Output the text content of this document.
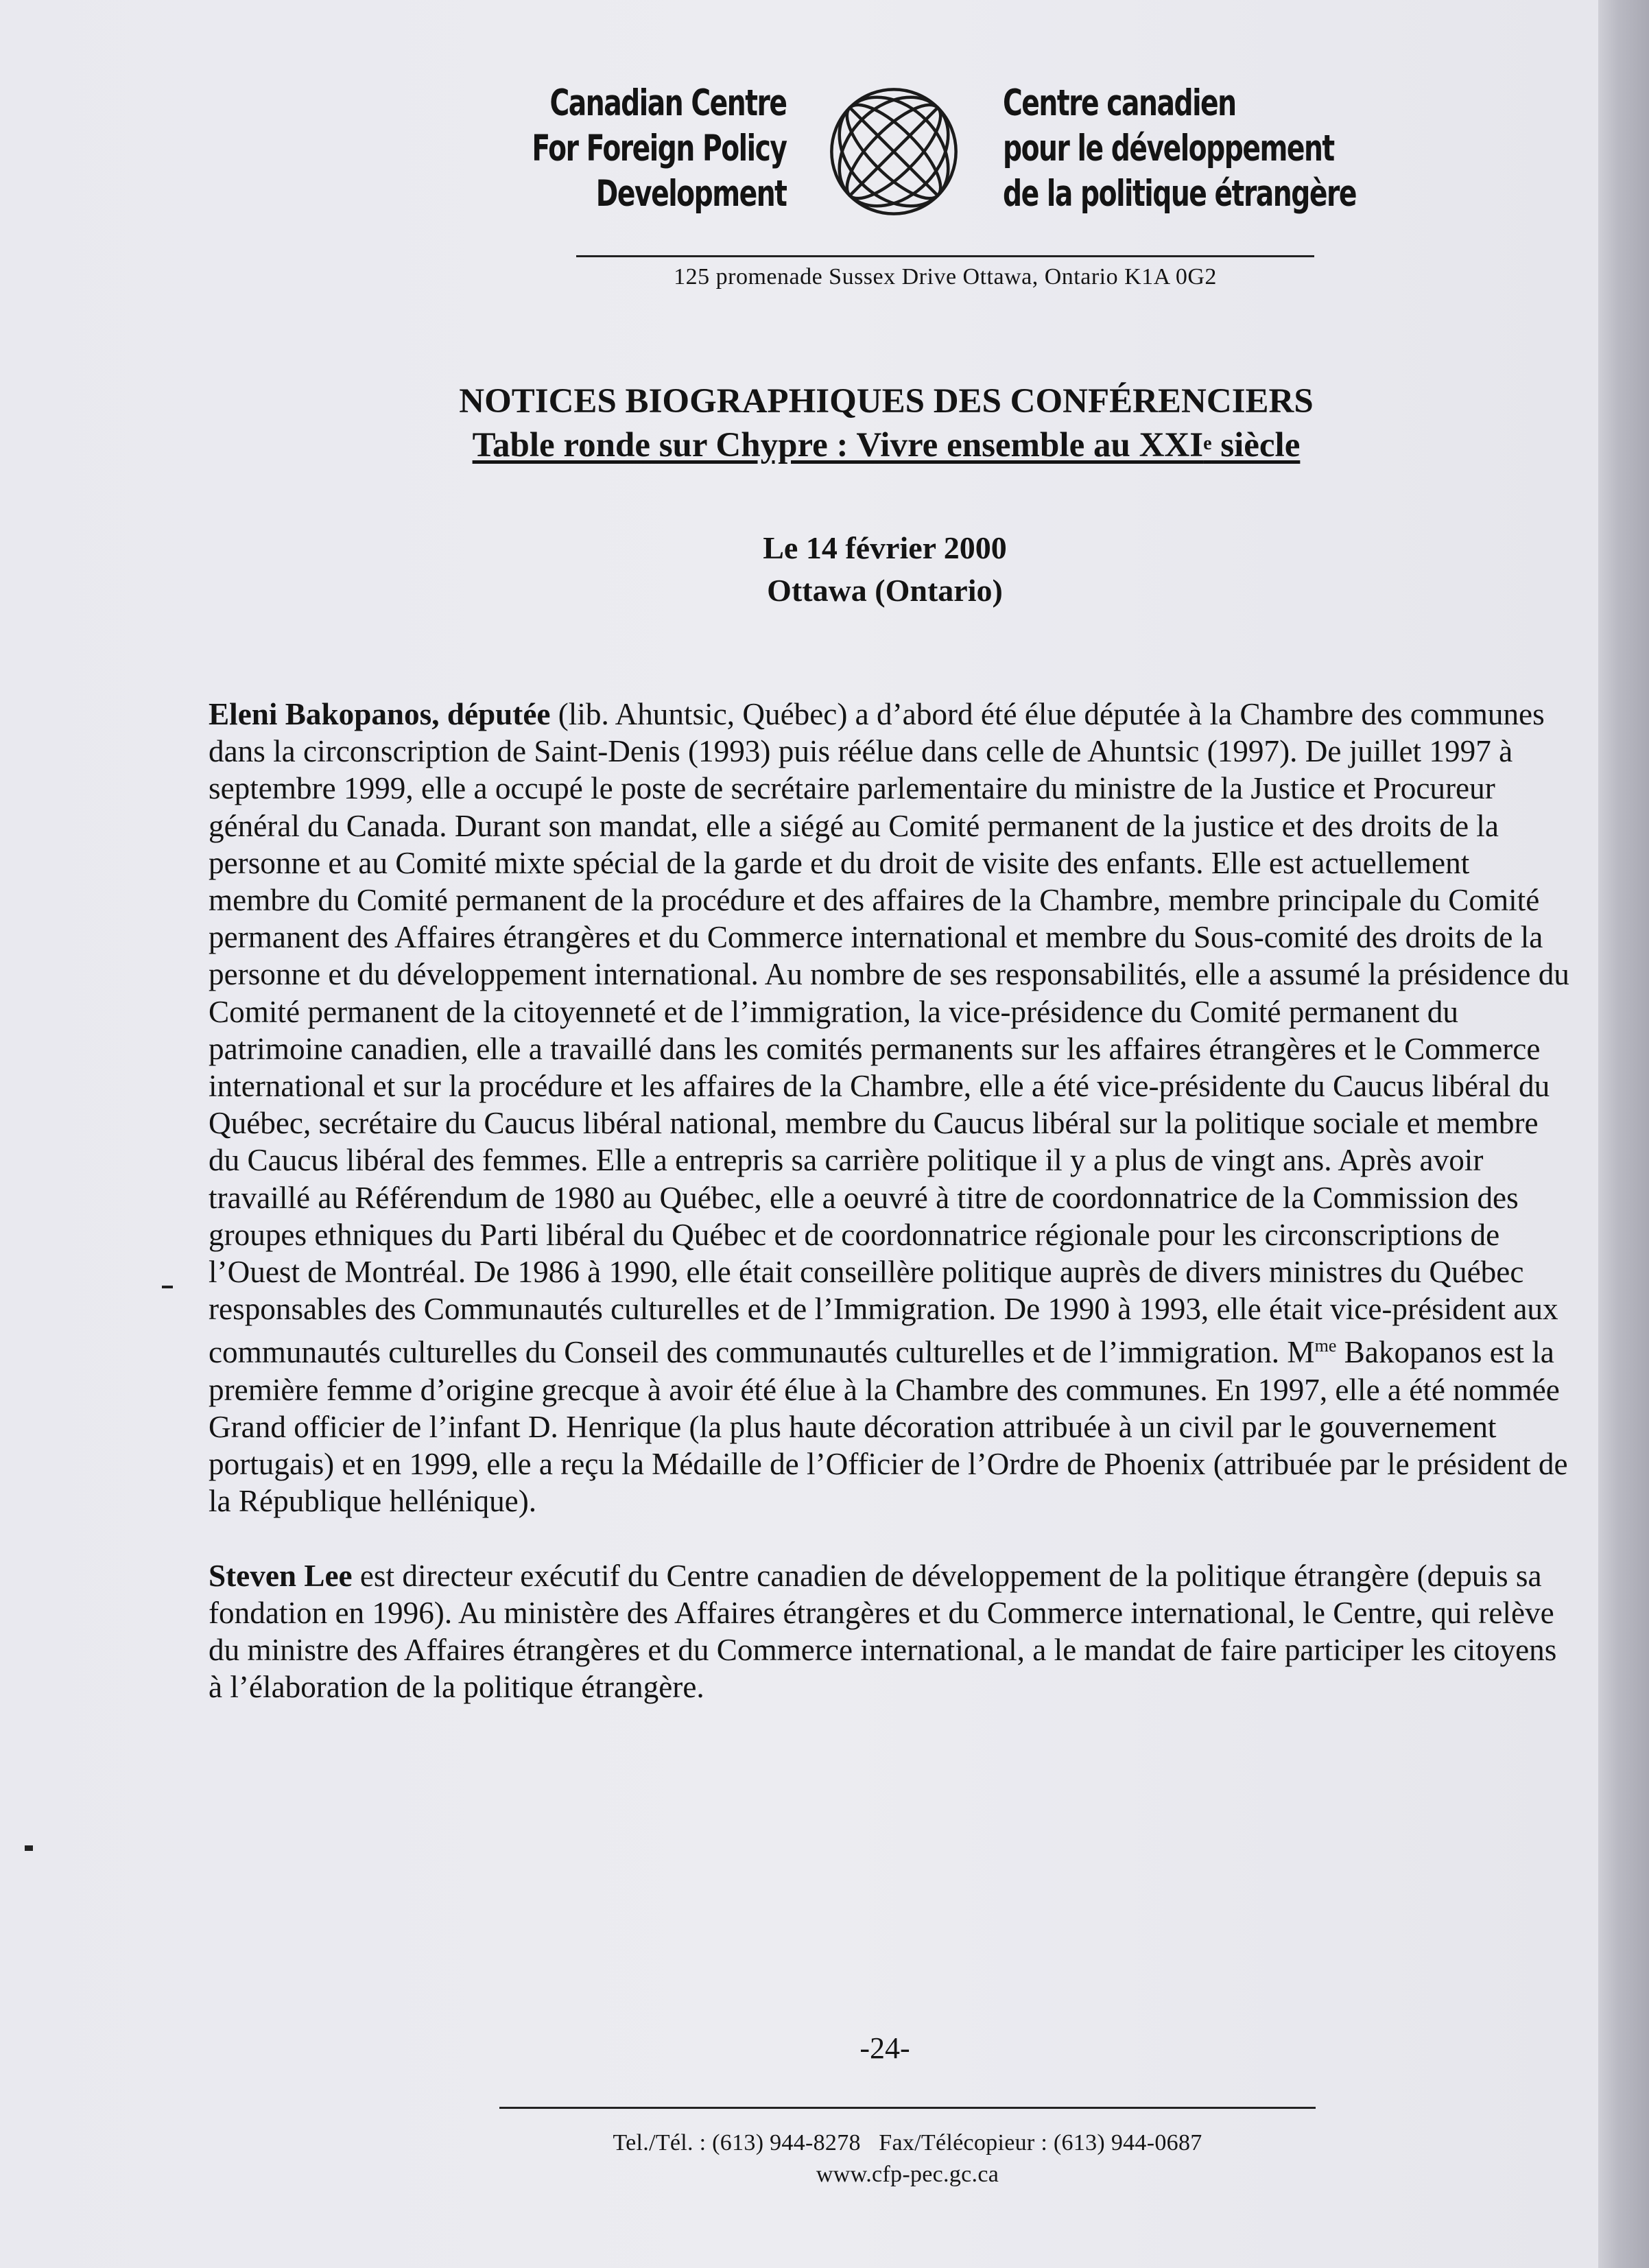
Canadian Centre
For Foreign Policy
Development
Centre canadien
pour le développement
de la politique étrangère
125 promenade Sussex Drive Ottawa, Ontario K1A 0G2
NOTICES BIOGRAPHIQUES DES CONFÉRENCIERS
Table ronde sur Chypre : Vivre ensemble au XXIe siècle
Le 14 février 2000
Ottawa (Ontario)

Eleni Bakopanos, députée (lib. Ahuntsic, Québec) a d’abord été élue députée à la Chambre des communes dans la circonscription de Saint-Denis (1993) puis réélue dans celle de Ahuntsic (1997). De juillet 1997 à septembre 1999, elle a occupé le poste de secrétaire parlementaire du ministre de la Justice et Procureur général du Canada. Durant son mandat, elle a siégé au Comité permanent de la justice et des droits de la personne et au Comité mixte spécial de la garde et du droit de visite des enfants. Elle est actuellement membre du Comité permanent de la procédure et des affaires de la Chambre, membre principale du Comité permanent des Affaires étrangères et du Commerce international et membre du Sous-comité des droits de la personne et du développement international. Au nombre de ses responsabilités, elle a assumé la présidence du Comité permanent de la citoyenneté et de l’immigration, la vice-présidence du Comité permanent du patrimoine canadien, elle a travaillé dans les comités permanents sur les affaires étrangères et le Commerce international et sur la procédure et les affaires de la Chambre, elle a été vice-présidente du Caucus libéral du Québec, secrétaire du Caucus libéral national, membre du Caucus libéral sur la politique sociale et membre du Caucus libéral des femmes. Elle a entrepris sa carrière politique il y a plus de vingt ans. Après avoir travaillé au Référendum de 1980 au Québec, elle a oeuvré à titre de coordonnatrice de la Commission des groupes ethniques du Parti libéral du Québec et de coordonnatrice régionale pour les circonscriptions de l’Ouest de Montréal. De 1986 à 1990, elle était conseillère politique auprès de divers ministres du Québec responsables des Communautés culturelles et de l’Immigration. De 1990 à 1993, elle était vice-président aux communautés culturelles du Conseil des communautés culturelles et de l’immigration. $M^{me}$ Bakopanos est la première femme d’origine grecque à avoir été élue à la Chambre des communes. En 1997, elle a été nommée Grand officier de l’infant D. Henrique (la plus haute décoration attribuée à un civil par le gouvernement portugais) et en 1999, elle a reçu la Médaille de l’Officier de l’Ordre de Phoenix (attribuée par le président de la République hellénique).

Steven Lee est directeur exécutif du Centre canadien de développement de la politique étrangère (depuis sa fondation en 1996). Au ministère des Affaires étrangères et du Commerce international, le Centre, qui relève du ministre des Affaires étrangères et du Commerce international, a le mandat de faire participer les citoyens à l’élaboration de la politique étrangère.

-24-
Tel./Tél. : (613) 944-8278   Fax/Télécopieur : (613) 944-0687
www.cfp-pec.gc.ca
